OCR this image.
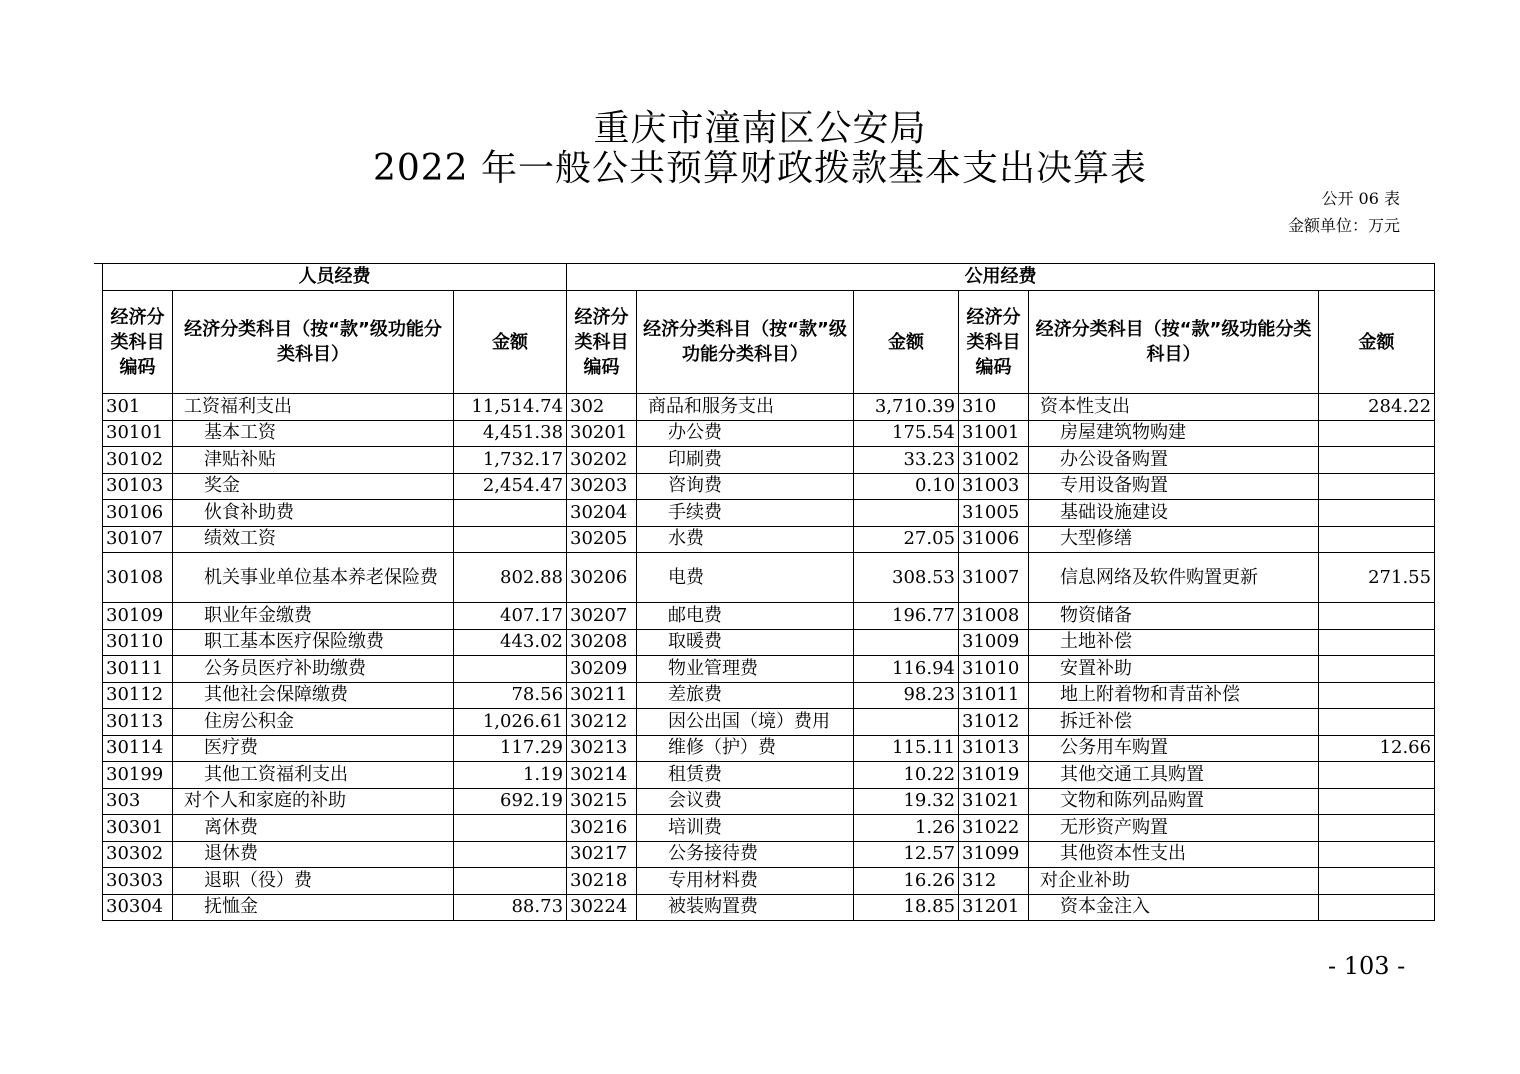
重庆市潼南区公安局
2022 年一般公共预算财政拨款基本支出决算表
公开 06 表
金额单位：万元
人员经费			公用经费					
经济分类科目编码	经济分类科目（按“款”级功能分类科目）	金额	经济分类科目编码	经济分类科目（按“款”级功能分类科目）	金额	经济分类科目编码	经济分类科目（按“款”级功能分类科目）	金额
301	工资福利支出	11,514.74	302	商品和服务支出	3,710.39	310	资本性支出	284.22
30101	基本工资	4,451.38	30201	办公费	175.54	31001	房屋建筑物购建	
30102	津贴补贴	1,732.17	30202	印刷费	33.23	31002	办公设备购置	
30103	奖金	2,454.47	30203	咨询费	0.10	31003	专用设备购置	
30106	伙食补助费		30204	手续费		31005	基础设施建设	
30107	绩效工资		30205	水费	27.05	31006	大型修缮	
30108	机关事业单位基本养老保险费	802.88	30206	电费	308.53	31007	信息网络及软件购置更新	271.55
30109	职业年金缴费	407.17	30207	邮电费	196.77	31008	物资储备	
30110	职工基本医疗保险缴费	443.02	30208	取暖费		31009	土地补偿	
30111	公务员医疗补助缴费		30209	物业管理费	116.94	31010	安置补助	
30112	其他社会保障缴费	78.56	30211	差旅费	98.23	31011	地上附着物和青苗补偿	
30113	住房公积金	1,026.61	30212	因公出国（境）费用		31012	拆迁补偿	
30114	医疗费	117.29	30213	维修（护）费	115.11	31013	公务用车购置	12.66
30199	其他工资福利支出	1.19	30214	租赁费	10.22	31019	其他交通工具购置	
303	对个人和家庭的补助	692.19	30215	会议费	19.32	31021	文物和陈列品购置	
30301	离休费		30216	培训费	1.26	31022	无形资产购置	
30302	退休费		30217	公务接待费	12.57	31099	其他资本性支出	
30303	退职（役）费		30218	专用材料费	16.26	312	对企业补助	
30304	抚恤金	88.73	30224	被装购置费	18.85	31201	资本金注入	
- 103 -
